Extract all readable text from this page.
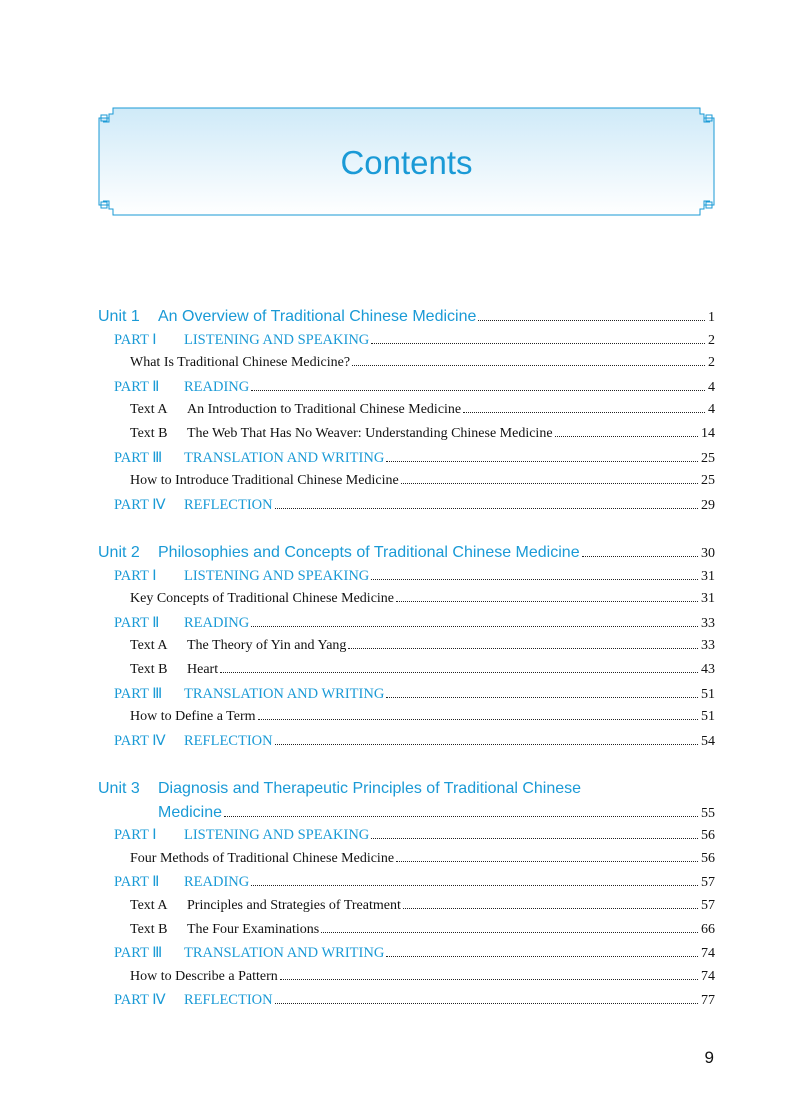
Contents
Unit 1	An Overview of Traditional Chinese Medicine	1
PART Ⅰ	LISTENING AND SPEAKING	2
What Is Traditional Chinese Medicine?	2
PART Ⅱ	READING	4
Text A	An Introduction to Traditional Chinese Medicine	4
Text B	The Web That Has No Weaver: Understanding Chinese Medicine	14
PART Ⅲ	TRANSLATION AND WRITING	25
How to Introduce Traditional Chinese Medicine	25
PART Ⅳ	REFLECTION	29
Unit 2	Philosophies and Concepts of Traditional Chinese Medicine	30
PART Ⅰ	LISTENING AND SPEAKING	31
Key Concepts of Traditional Chinese Medicine	31
PART Ⅱ	READING	33
Text A	The Theory of Yin and Yang	33
Text B	Heart	43
PART Ⅲ	TRANSLATION AND WRITING	51
How to Define a Term	51
PART Ⅳ	REFLECTION	54
Unit 3 Diagnosis and Therapeutic Principles of Traditional Chinese
Medicine	55
PART Ⅰ	LISTENING AND SPEAKING	56
Four Methods of Traditional Chinese Medicine	56
PART Ⅱ	READING	57
Text A	Principles and Strategies of Treatment	57
Text B	The Four Examinations	66
PART Ⅲ	TRANSLATION AND WRITING	74
How to Describe a Pattern	74
PART Ⅳ	REFLECTION	77
9
